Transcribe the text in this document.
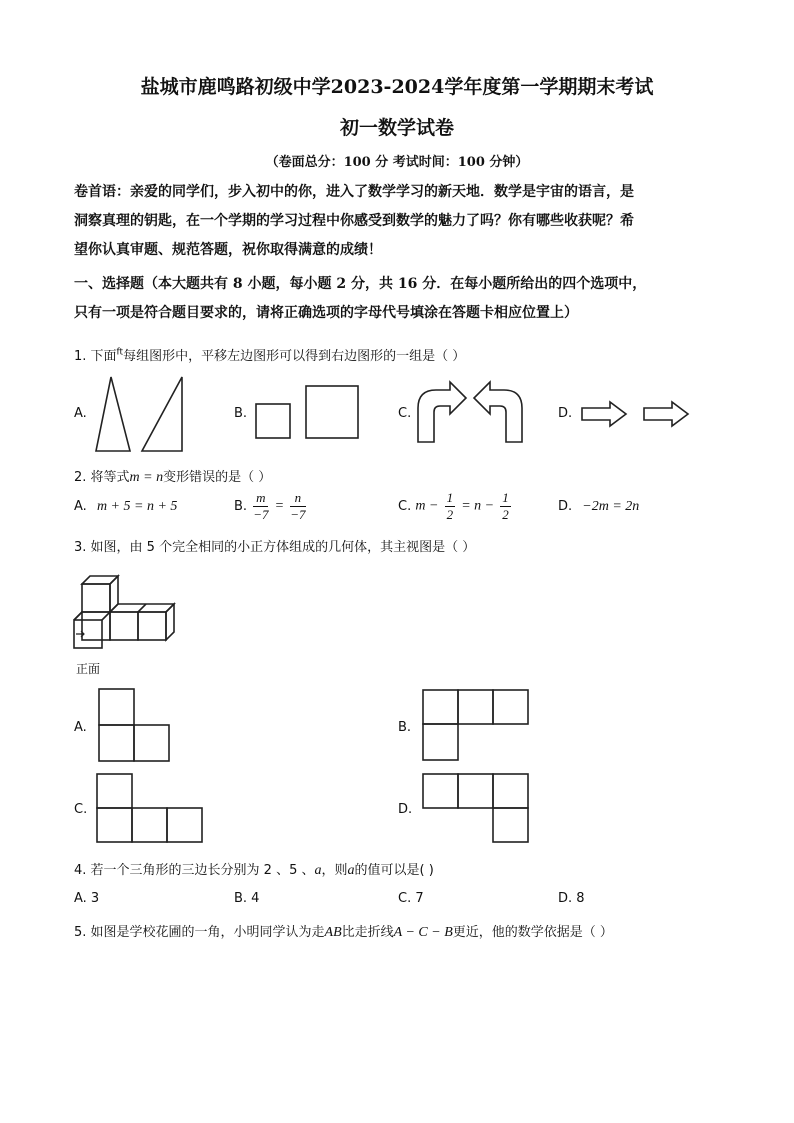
盐城市鹿鸣路初级中学2023-2024学年度第一学期期末考试
初一数学试卷
（卷面总分：100 分 考试时间：100 分钟）
卷首语：亲爱的同学们，步入初中的你，进入了数学学习的新天地．数学是宇宙的语言，是
洞察真理的钥匙，在一个学期的学习过程中你感受到数学的魅力了吗？你有哪些收获呢？希
望你认真审题、规范答题，祝你取得满意的成绩！
一、选择题（本大题共有 8 小题，每小题 2 分，共 16 分．在每小题所给出的四个选项中，
只有一项是符合题目要求的，请将正确选项的字母代号填涂在答题卡相应位置上）
1. 下面$^{ft}$每组图形中，平移左边图形可以得到右边图形的一组是（ ）
A.	B.	C.	D.
2. 将等式m = n变形错误的是（ ）
A. m + 5 = n + 5	B. $\frac{m}{-7} = \frac{n}{-7}$	C. $m - \frac{1}{2} = n - \frac{1}{2}$	D. −2m = 2n
3. 如图，由 5 个完全相同的小正方体组成的几何体，其主视图是（ ）
正面
A.	B.
C.	D.
4. 若一个三角形的三边长分别为 2 、5 、a，则a的值可以是( )
A. 3	B. 4	C. 7	D. 8
5. 如图是学校花圃的一角，小明同学认为走AB比走折线A − C − B更近，他的数学依据是（ ）
